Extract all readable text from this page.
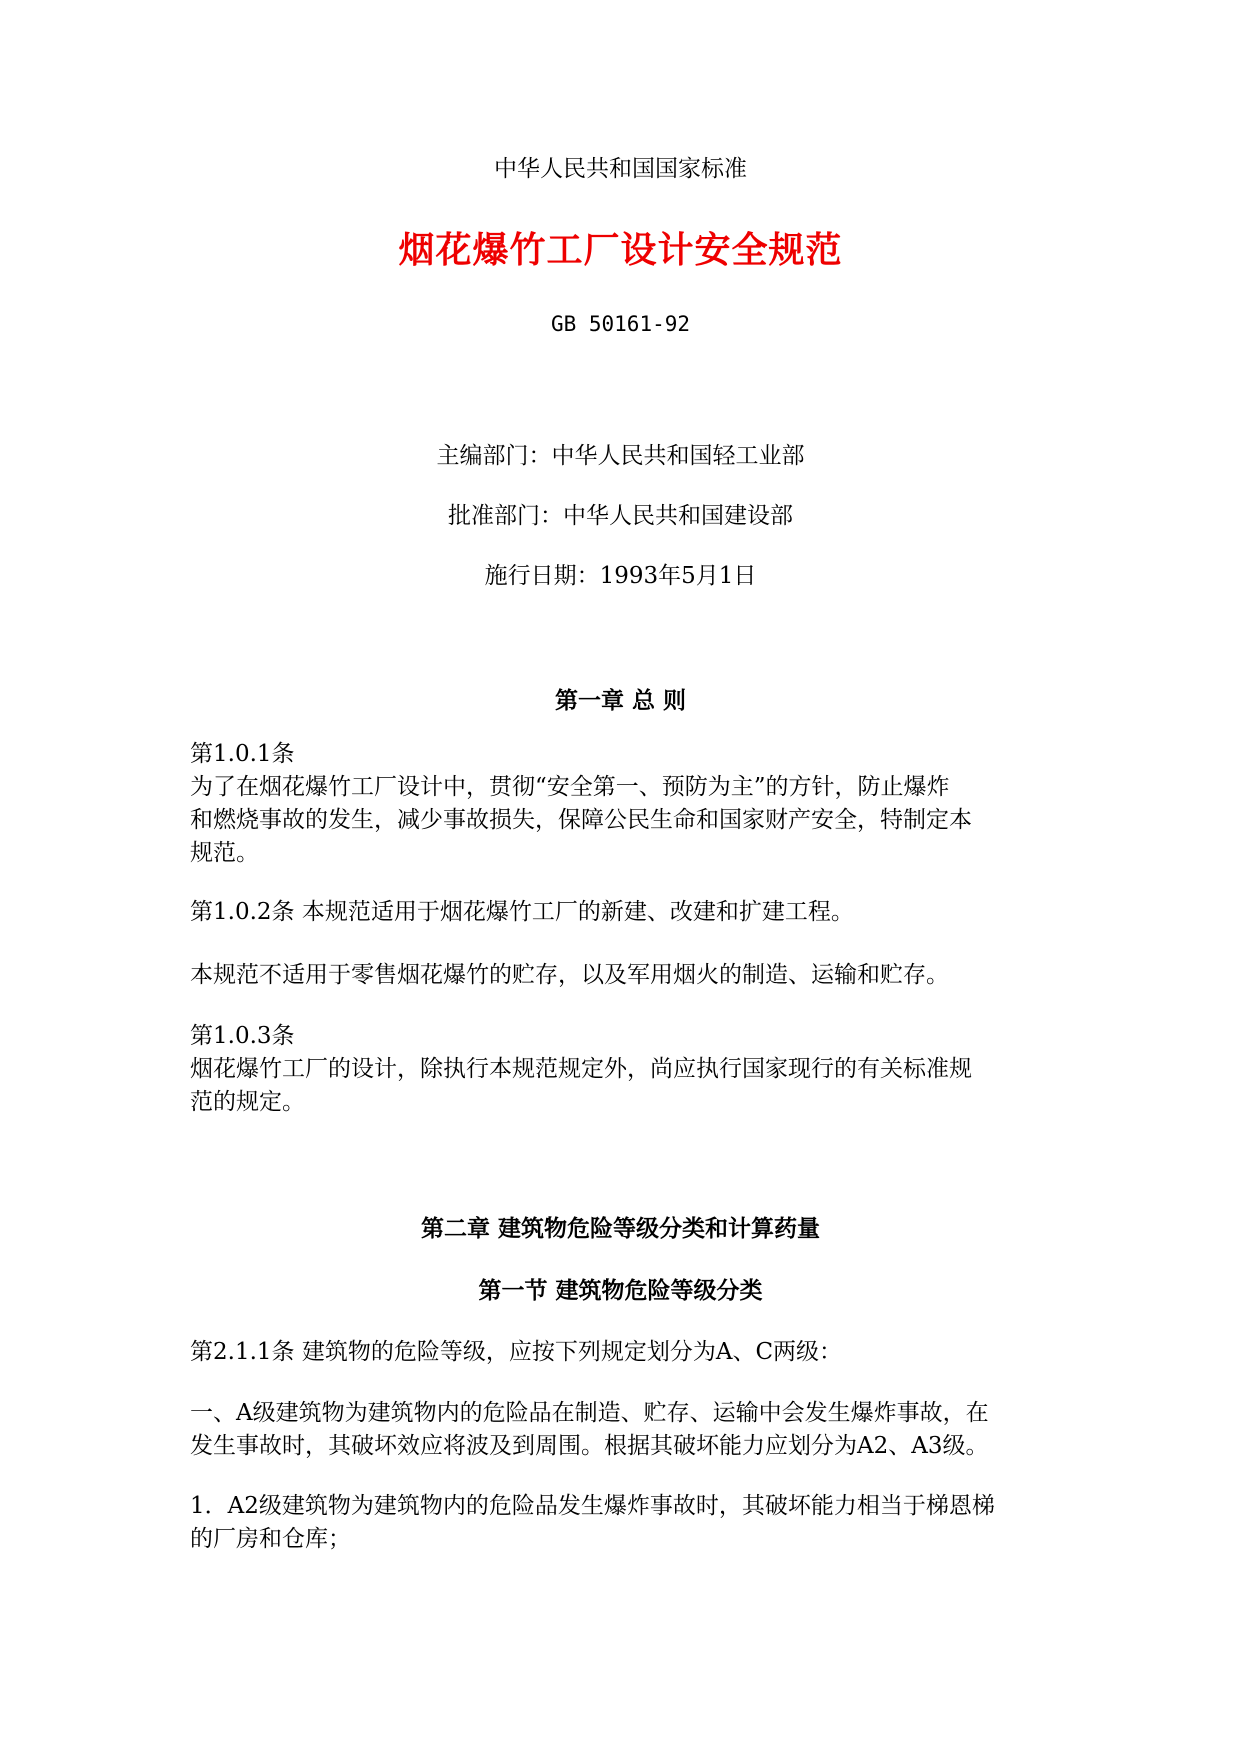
中华人民共和国国家标准
烟花爆竹工厂设计安全规范
GB 50161-92
主编部门：中华人民共和国轻工业部
批准部门：中华人民共和国建设部
施行日期：1993年5月1日
第一章 总 则
第1.0.1条
为了在烟花爆竹工厂设计中，贯彻“安全第一、预防为主”的方针，防止爆炸
和燃烧事故的发生，减少事故损失，保障公民生命和国家财产安全，特制定本
规范。
第1.0.2条 本规范适用于烟花爆竹工厂的新建、改建和扩建工程。
本规范不适用于零售烟花爆竹的贮存，以及军用烟火的制造、运输和贮存。
第1.0.3条
烟花爆竹工厂的设计，除执行本规范规定外，尚应执行国家现行的有关标准规
范的规定。
第二章 建筑物危险等级分类和计算药量
第一节 建筑物危险等级分类
第2.1.1条 建筑物的危险等级，应按下列规定划分为A、C两级：
一、A级建筑物为建筑物内的危险品在制造、贮存、运输中会发生爆炸事故，在
发生事故时，其破坏效应将波及到周围。根据其破坏能力应划分为A2、A3级。
1．A2级建筑物为建筑物内的危险品发生爆炸事故时，其破坏能力相当于梯恩梯
的厂房和仓库；
